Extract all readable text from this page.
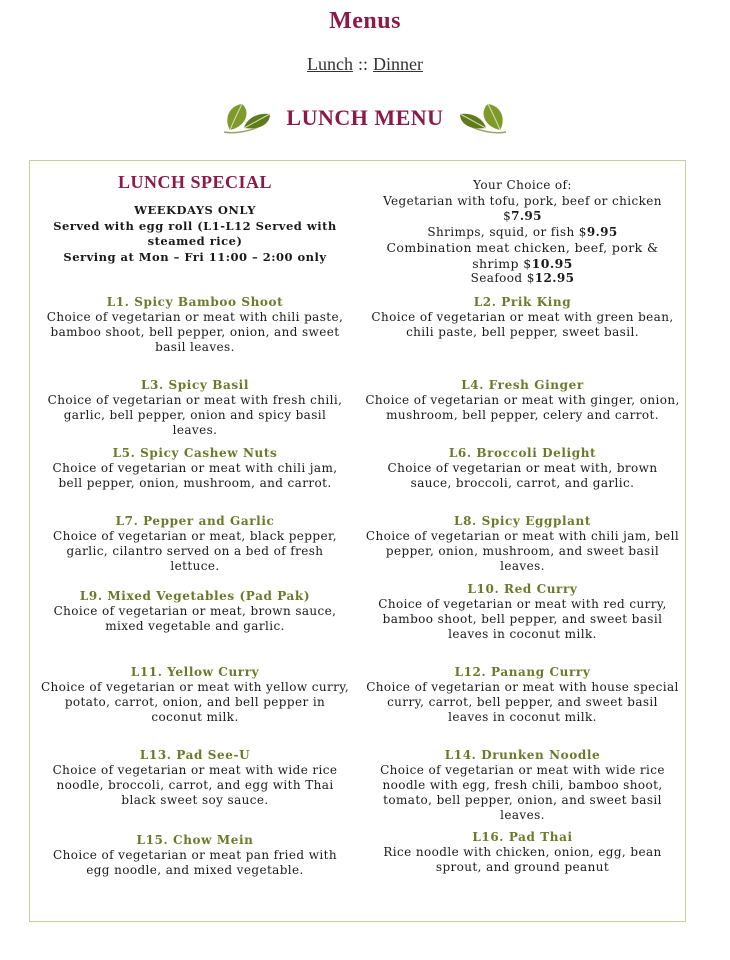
Menus
Lunch :: Dinner
LUNCH MENU
LUNCH SPECIAL
WEEKDAYS ONLY
Served with egg roll (L1-L12 Served with steamed rice)
Serving at Mon – Fri 11:00 – 2:00 only
Your Choice of:
Vegetarian with tofu, pork, beef or chicken $7.95
Shrimps, squid, or fish $9.95
Combination meat chicken, beef, pork & shrimp $10.95
Seafood $12.95
L1. Spicy Bamboo Shoot
Choice of vegetarian or meat with chili paste, bamboo shoot, bell pepper, onion, and sweet basil leaves.
L2. Prik King
Choice of vegetarian or meat with green bean, chili paste, bell pepper, sweet basil.
L3. Spicy Basil
Choice of vegetarian or meat with fresh chili, garlic, bell pepper, onion and spicy basil leaves.
L4. Fresh Ginger
Choice of vegetarian or meat with ginger, onion, mushroom, bell pepper, celery and carrot.
L5. Spicy Cashew Nuts
Choice of vegetarian or meat with chili jam, bell pepper, onion, mushroom, and carrot.
L6. Broccoli Delight
Choice of vegetarian or meat with, brown sauce, broccoli, carrot, and garlic.
L7. Pepper and Garlic
Choice of vegetarian or meat, black pepper, garlic, cilantro served on a bed of fresh lettuce.
L8. Spicy Eggplant
Choice of vegetarian or meat with chili jam, bell pepper, onion, mushroom, and sweet basil leaves.
L9. Mixed Vegetables (Pad Pak)
Choice of vegetarian or meat, brown sauce, mixed vegetable and garlic.
L10. Red Curry
Choice of vegetarian or meat with red curry, bamboo shoot, bell pepper, and sweet basil leaves in coconut milk.
L11. Yellow Curry
Choice of vegetarian or meat with yellow curry, potato, carrot, onion, and bell pepper in coconut milk.
L12. Panang Curry
Choice of vegetarian or meat with house special curry, carrot, bell pepper, and sweet basil leaves in coconut milk.
L13. Pad See-U
Choice of vegetarian or meat with wide rice noodle, broccoli, carrot, and egg with Thai black sweet soy sauce.
L14. Drunken Noodle
Choice of vegetarian or meat with wide rice noodle with egg, fresh chili, bamboo shoot, tomato, bell pepper, onion, and sweet basil leaves.
L15. Chow Mein
Choice of vegetarian or meat pan fried with egg noodle, and mixed vegetable.
L16. Pad Thai
Rice noodle with chicken, onion, egg, bean sprout, and ground peanut
